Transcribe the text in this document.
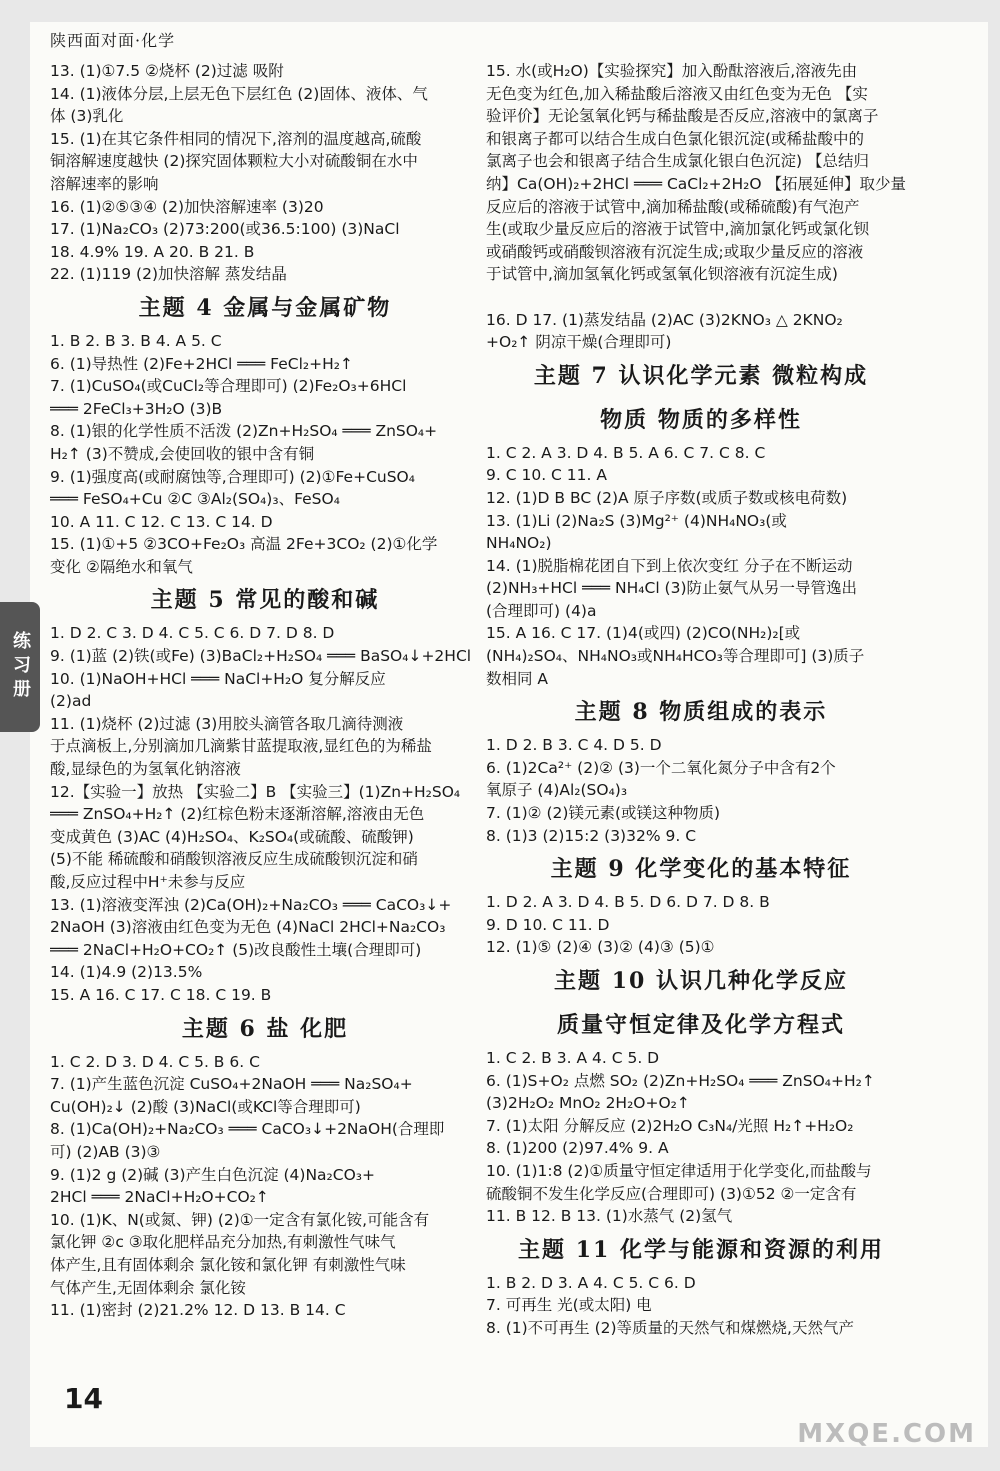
陕西面对面·化学
练习册
13. (1)①7.5 ②烧杯 (2)过滤 吸附
14. (1)液体分层,上层无色下层红色 (2)固体、液体、气
体 (3)乳化
15. (1)在其它条件相同的情况下,溶剂的温度越高,硫酸
铜溶解速度越快 (2)探究固体颗粒大小对硫酸铜在水中
溶解速率的影响
16. (1)②⑤③④ (2)加快溶解速率 (3)20
17. (1)Na₂CO₃ (2)73:200(或36.5:100) (3)NaCl
18. 4.9% 19. A 20. B 21. B
22. (1)119 (2)加快溶解 蒸发结晶
主题 4 金属与金属矿物
1. B 2. B 3. B 4. A 5. C
6. (1)导热性 (2)Fe+2HCl ═══ FeCl₂+H₂↑
7. (1)CuSO₄(或CuCl₂等合理即可) (2)Fe₂O₃+6HCl
═══ 2FeCl₃+3H₂O (3)B
8. (1)银的化学性质不活泼 (2)Zn+H₂SO₄ ═══ ZnSO₄+
H₂↑ (3)不赞成,会使回收的银中含有铜
9. (1)强度高(或耐腐蚀等,合理即可) (2)①Fe+CuSO₄
═══ FeSO₄+Cu ②C ③Al₂(SO₄)₃、FeSO₄
10. A 11. C 12. C 13. C 14. D
15. (1)①+5 ②3CO+Fe₂O₃ 高温 2Fe+3CO₂ (2)①化学
变化 ②隔绝水和氧气
主题 5 常见的酸和碱
1. D 2. C 3. D 4. C 5. C 6. D 7. D 8. D
9. (1)蓝 (2)铁(或Fe) (3)BaCl₂+H₂SO₄ ═══ BaSO₄↓+2HCl
10. (1)NaOH+HCl ═══ NaCl+H₂O 复分解反应
(2)ad
11. (1)烧杯 (2)过滤 (3)用胶头滴管各取几滴待测液
于点滴板上,分别滴加几滴紫甘蓝提取液,显红色的为稀盐
酸,显绿色的为氢氧化钠溶液
12.【实验一】放热 【实验二】B 【实验三】(1)Zn+H₂SO₄
═══ ZnSO₄+H₂↑ (2)红棕色粉末逐渐溶解,溶液由无色
变成黄色 (3)AC (4)H₂SO₄、K₂SO₄(或硫酸、硫酸钾)
(5)不能 稀硫酸和硝酸钡溶液反应生成硫酸钡沉淀和硝
酸,反应过程中H⁺未参与反应
13. (1)溶液变浑浊 (2)Ca(OH)₂+Na₂CO₃ ═══ CaCO₃↓+
2NaOH (3)溶液由红色变为无色 (4)NaCl 2HCl+Na₂CO₃
═══ 2NaCl+H₂O+CO₂↑ (5)改良酸性土壤(合理即可)
14. (1)4.9 (2)13.5%
15. A 16. C 17. C 18. C 19. B
主题 6 盐 化肥
1. C 2. D 3. D 4. C 5. B 6. C
7. (1)产生蓝色沉淀 CuSO₄+2NaOH ═══ Na₂SO₄+
Cu(OH)₂↓ (2)酸 (3)NaCl(或KCl等合理即可)
8. (1)Ca(OH)₂+Na₂CO₃ ═══ CaCO₃↓+2NaOH(合理即
可) (2)AB (3)③
9. (1)2 g (2)碱 (3)产生白色沉淀 (4)Na₂CO₃+
2HCl ═══ 2NaCl+H₂O+CO₂↑
10. (1)K、N(或氮、钾) (2)①一定含有氯化铵,可能含有
氯化钾 ②c ③取化肥样品充分加热,有刺激性气味气
体产生,且有固体剩余 氯化铵和氯化钾 有刺激性气味
气体产生,无固体剩余 氯化铵
11. (1)密封 (2)21.2% 12. D 13. B 14. C
15. 水(或H₂O)【实验探究】加入酚酞溶液后,溶液先由
无色变为红色,加入稀盐酸后溶液又由红色变为无色 【实
验评价】无论氢氧化钙与稀盐酸是否反应,溶液中的氯离子
和银离子都可以结合生成白色氯化银沉淀(或稀盐酸中的
氯离子也会和银离子结合生成氯化银白色沉淀) 【总结归
纳】Ca(OH)₂+2HCl ═══ CaCl₂+2H₂O 【拓展延伸】取少量
反应后的溶液于试管中,滴加稀盐酸(或稀硫酸)有气泡产
生(或取少量反应后的溶液于试管中,滴加氯化钙或氯化钡
或硝酸钙或硝酸钡溶液有沉淀生成;或取少量反应的溶液
于试管中,滴加氢氧化钙或氢氧化钡溶液有沉淀生成)

16. D 17. (1)蒸发结晶 (2)AC (3)2KNO₃ △ 2KNO₂
+O₂↑ 阴凉干燥(合理即可)
主题 7 认识化学元素 微粒构成
物质 物质的多样性
1. C 2. A 3. D 4. B 5. A 6. C 7. C 8. C
9. C 10. C 11. A
12. (1)D B BC (2)A 原子序数(或质子数或核电荷数)
13. (1)Li (2)Na₂S (3)Mg²⁺ (4)NH₄NO₃(或
NH₄NO₂)
14. (1)脱脂棉花团自下到上依次变红 分子在不断运动
(2)NH₃+HCl ═══ NH₄Cl (3)防止氨气从另一导管逸出
(合理即可) (4)a
15. A 16. C 17. (1)4(或四) (2)CO(NH₂)₂[或
(NH₄)₂SO₄、NH₄NO₃或NH₄HCO₃等合理即可] (3)质子
数相同 A
主题 8 物质组成的表示
1. D 2. B 3. C 4. D 5. D
6. (1)2Ca²⁺ (2)② (3)一个二氧化氮分子中含有2个
氧原子 (4)Al₂(SO₄)₃
7. (1)② (2)镁元素(或镁这种物质)
8. (1)3 (2)15:2 (3)32% 9. C
主题 9 化学变化的基本特征
1. D 2. A 3. D 4. B 5. D 6. D 7. D 8. B
9. D 10. C 11. D
12. (1)⑤ (2)④ (3)② (4)③ (5)①
主题 10 认识几种化学反应
质量守恒定律及化学方程式
1. C 2. B 3. A 4. C 5. D
6. (1)S+O₂ 点燃 SO₂ (2)Zn+H₂SO₄ ═══ ZnSO₄+H₂↑
(3)2H₂O₂ MnO₂ 2H₂O+O₂↑
7. (1)太阳 分解反应 (2)2H₂O C₃N₄/光照 H₂↑+H₂O₂
8. (1)200 (2)97.4% 9. A
10. (1)1:8 (2)①质量守恒定律适用于化学变化,而盐酸与
硫酸铜不发生化学反应(合理即可) (3)①52 ②一定含有
11. B 12. B 13. (1)水蒸气 (2)氢气
主题 11 化学与能源和资源的利用
1. B 2. D 3. A 4. C 5. C 6. D
7. 可再生 光(或太阳) 电
8. (1)不可再生 (2)等质量的天然气和煤燃烧,天然气产
14
MXQE.COM
